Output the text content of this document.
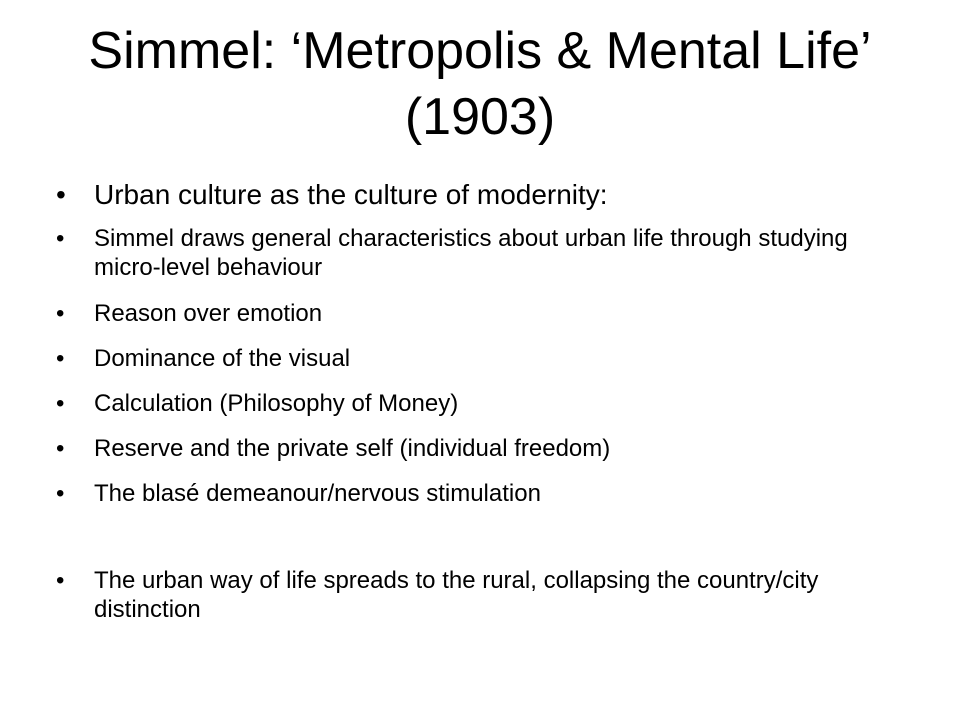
Simmel: ‘Metropolis & Mental Life’ (1903)
• Urban culture as the culture of modernity:
• Simmel draws general characteristics about urban life through studying micro-level behaviour
• Reason over emotion
• Dominance of the visual
• Calculation (Philosophy of Money)
• Reserve and the private self (individual freedom)
• The blasé demeanour/nervous stimulation
• The urban way of life spreads to the rural, collapsing the country/city distinction
